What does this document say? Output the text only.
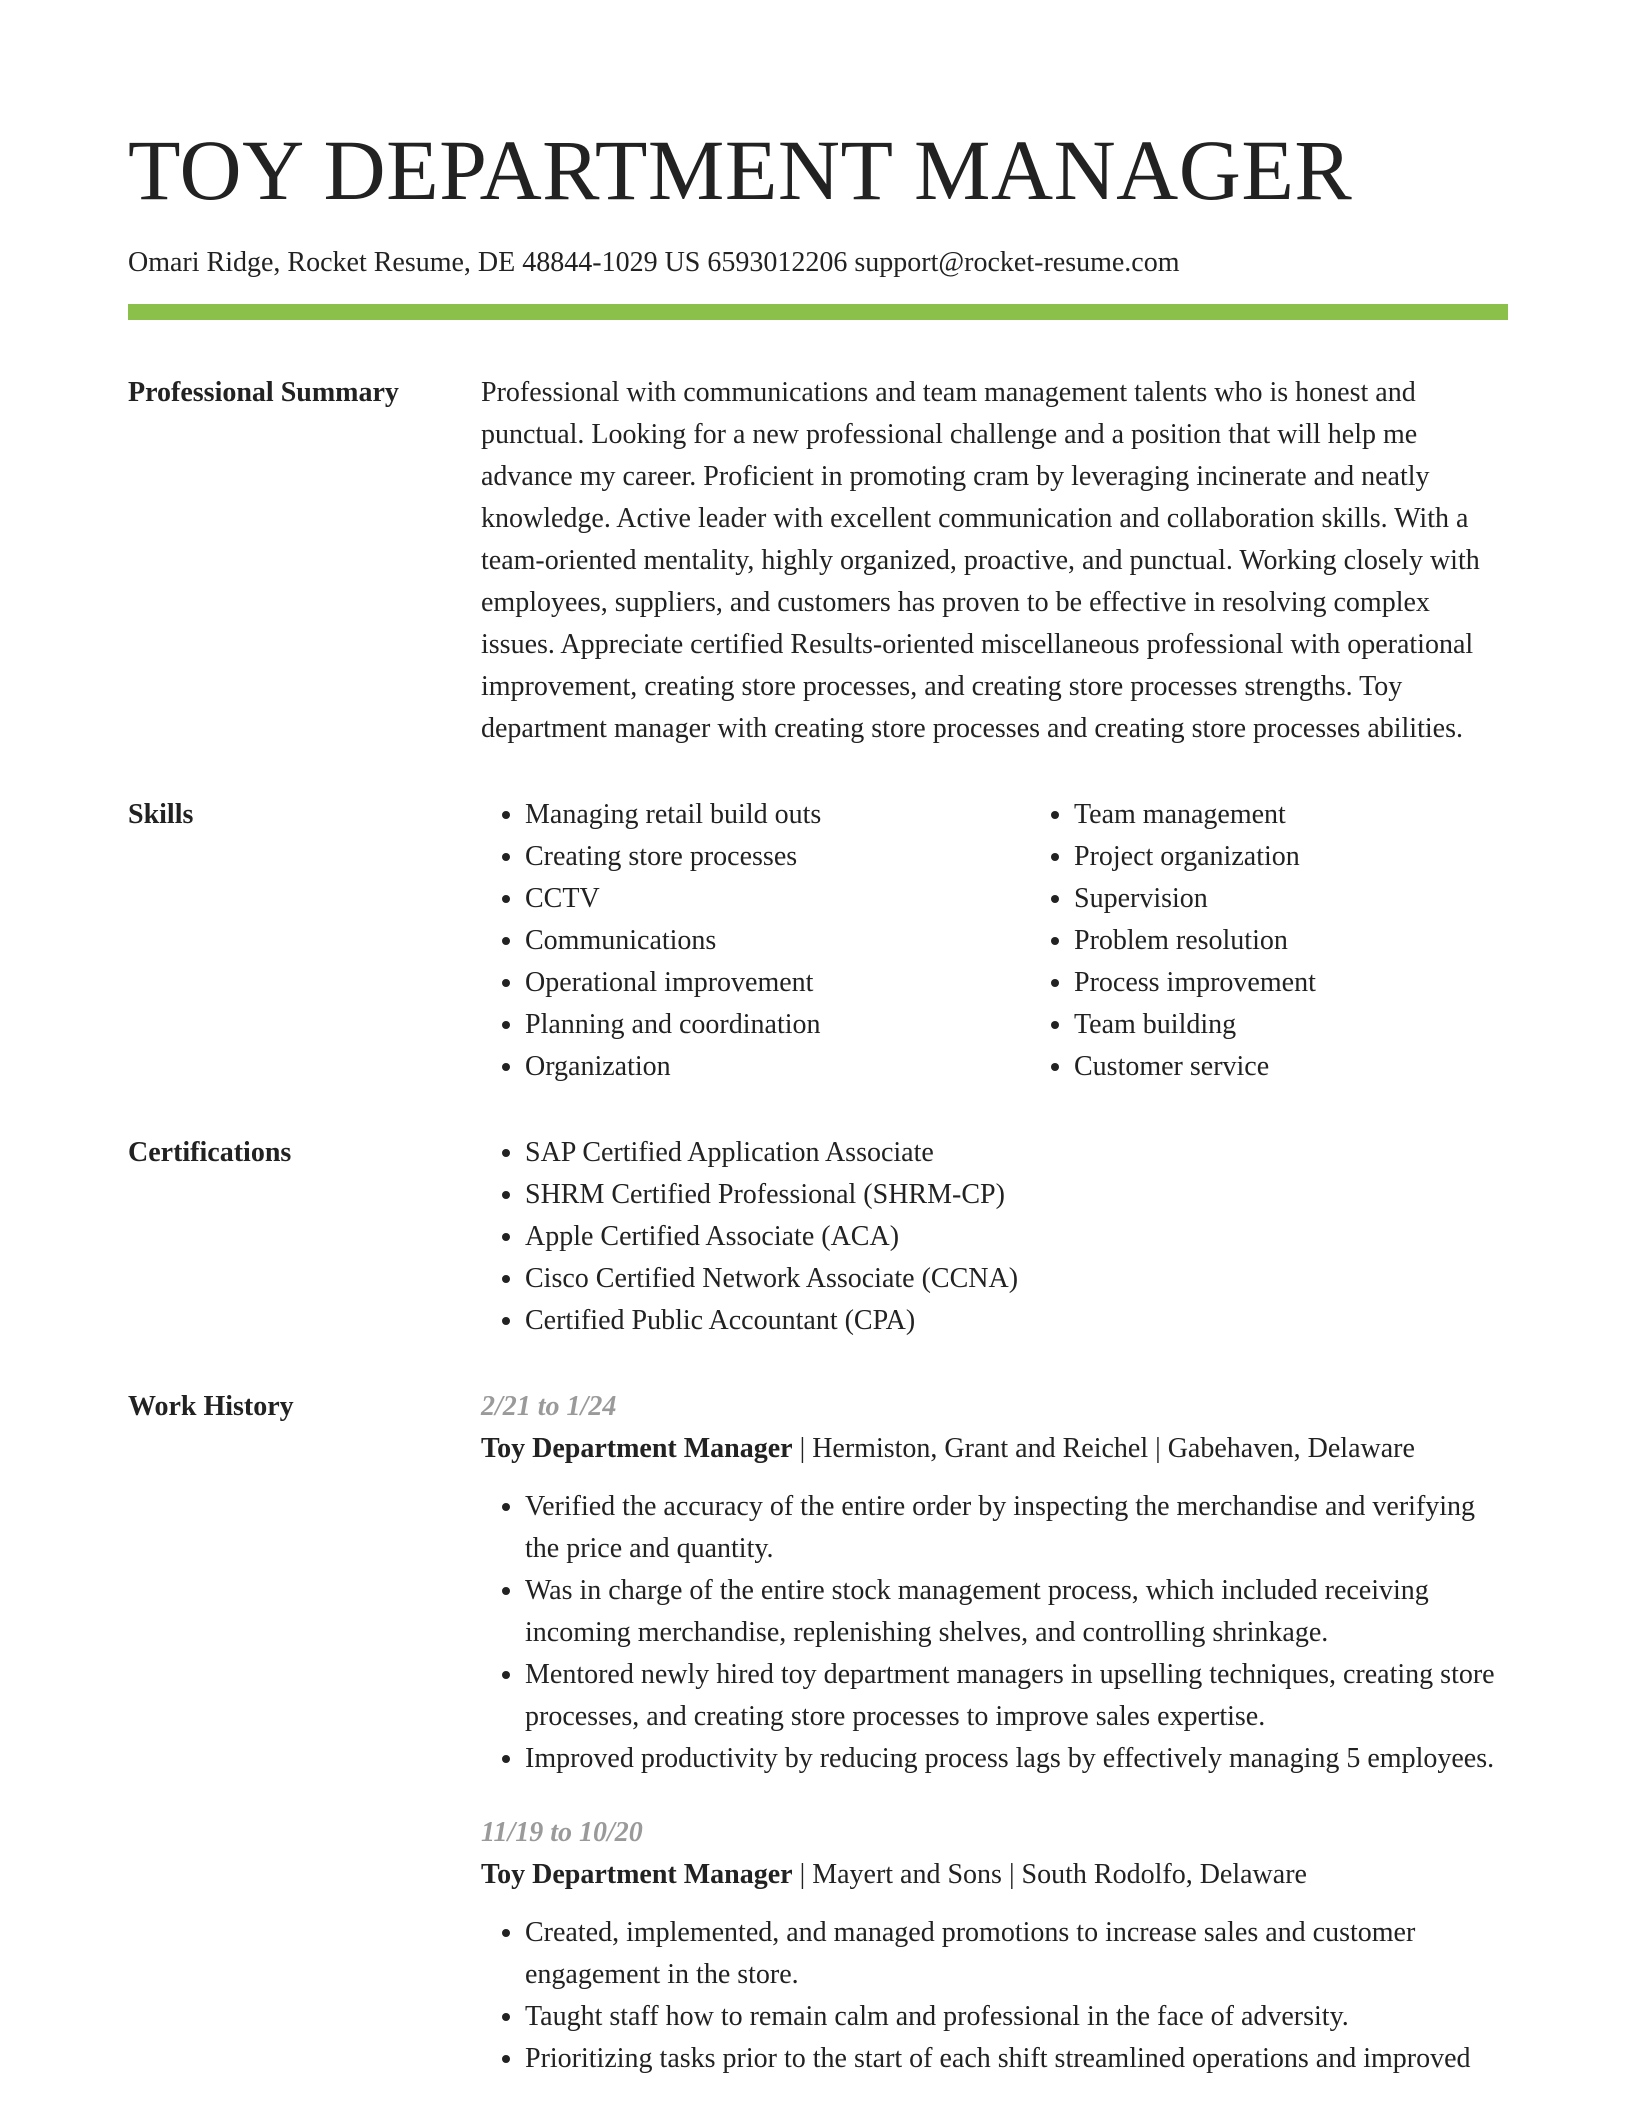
TOY DEPARTMENT MANAGER
Omari Ridge, Rocket Resume, DE 48844-1029 US 6593012206 support@rocket-resume.com
Professional Summary	Professional with communications and team management talents who is honest and punctual. Looking for a new professional challenge and a position that will help me advance my career. Proficient in promoting cram by leveraging incinerate and neatly knowledge. Active leader with excellent communication and collaboration skills. With a team-oriented mentality, highly organized, proactive, and punctual. Working closely with employees, suppliers, and customers has proven to be effective in resolving complex issues. Appreciate certified Results-oriented miscellaneous professional with operational improvement, creating store processes, and creating store processes strengths. Toy department manager with creating store processes and creating store processes abilities.

Skills	• Managing retail build outs
• Creating store processes
• CCTV
• Communications
• Operational improvement
• Planning and coordination
• Organization
• Team management
• Project organization
• Supervision
• Problem resolution
• Process improvement
• Team building
• Customer service
Certifications	• SAP Certified Application Associate
• SHRM Certified Professional (SHRM-CP)
• Apple Certified Associate (ACA)
• Cisco Certified Network Associate (CCNA)
• Certified Public Accountant (CPA)
Work History	2/21 to 1/24
Toy Department Manager | Hermiston, Grant and Reichel | Gabehaven, Delaware
• Verified the accuracy of the entire order by inspecting the merchandise and verifying the price and quantity.
• Was in charge of the entire stock management process, which included receiving incoming merchandise, replenishing shelves, and controlling shrinkage.
• Mentored newly hired toy department managers in upselling techniques, creating store processes, and creating store processes to improve sales expertise.
• Improved productivity by reducing process lags by effectively managing 5 employees.
11/19 to 10/20
Toy Department Manager | Mayert and Sons | South Rodolfo, Delaware
• Created, implemented, and managed promotions to increase sales and customer engagement in the store.
• Taught staff how to remain calm and professional in the face of adversity.
• Prioritizing tasks prior to the start of each shift streamlined operations and improved
